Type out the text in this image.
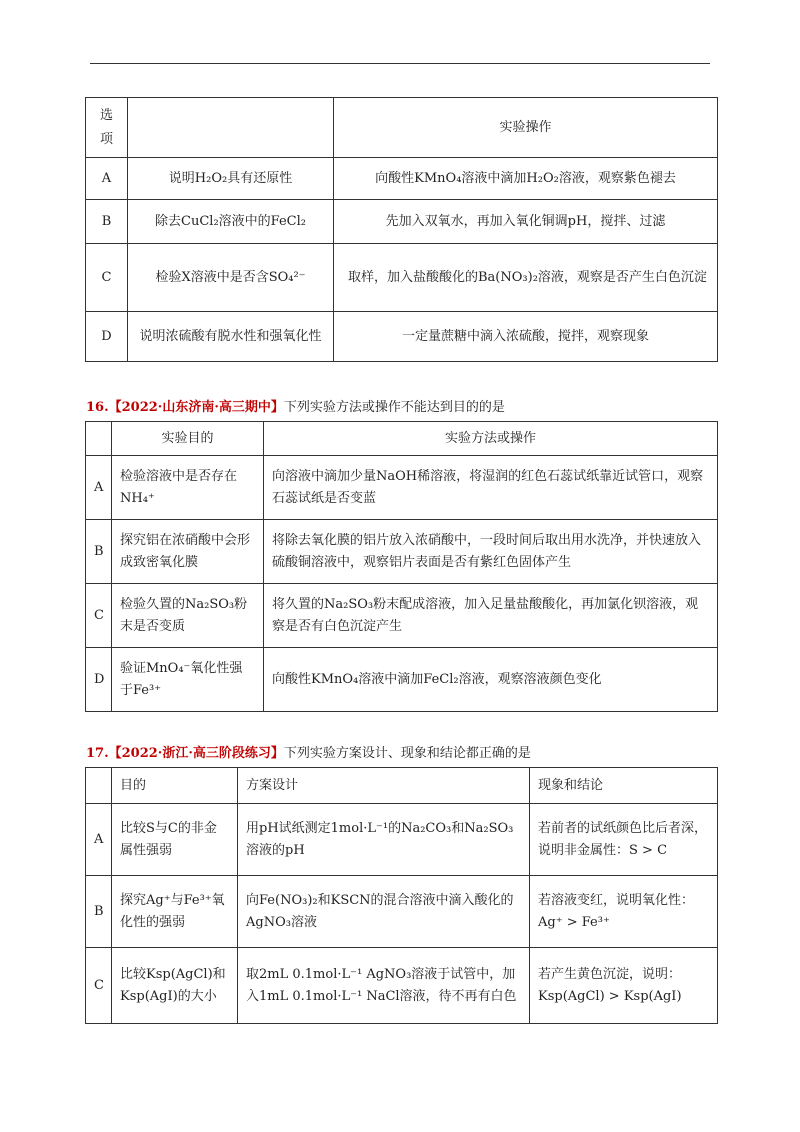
选项		实验操作
A	说明H₂O₂具有还原性	向酸性KMnO₄溶液中滴加H₂O₂溶液，观察紫色褪去
B	除去CuCl₂溶液中的FeCl₂	先加入双氧水，再加入氧化铜调pH，搅拌、过滤
C	检验X溶液中是否含SO₄²⁻	取样，加入盐酸酸化的Ba(NO₃)₂溶液，观察是否产生白色沉淀
D	说明浓硫酸有脱水性和强氧化性	一定量蔗糖中滴入浓硫酸，搅拌，观察现象
16.【2022·山东济南·高三期中】下列实验方法或操作不能达到目的的是
	实验目的	实验方法或操作
A	检验溶液中是否存在NH₄⁺	向溶液中滴加少量NaOH稀溶液，将湿润的红色石蕊试纸靠近试管口，观察石蕊试纸是否变蓝
B	探究铝在浓硝酸中会形成致密氧化膜	将除去氧化膜的铝片放入浓硝酸中，一段时间后取出用水洗净，并快速放入硫酸铜溶液中，观察铝片表面是否有紫红色固体产生
C	检验久置的Na₂SO₃粉末是否变质	将久置的Na₂SO₃粉末配成溶液，加入足量盐酸酸化，再加氯化钡溶液，观察是否有白色沉淀产生
D	验证MnO₄⁻氧化性强于Fe³⁺	向酸性KMnO₄溶液中滴加FeCl₂溶液，观察溶液颜色变化
17.【2022·浙江·高三阶段练习】下列实验方案设计、现象和结论都正确的是
	目的	方案设计	现象和结论
A	比较S与C的非金属性强弱	用pH试纸测定1mol·L⁻¹的Na₂CO₃和Na₂SO₃溶液的pH	若前者的试纸颜色比后者深，说明非金属性：S > C
B	探究Ag⁺与Fe³⁺氧化性的强弱	向Fe(NO₃)₂和KSCN的混合溶液中滴入酸化的AgNO₃溶液	若溶液变红，说明氧化性：Ag⁺ > Fe³⁺
C	比较Ksp(AgCl)和Ksp(AgI)的大小	取2mL 0.1mol·L⁻¹ AgNO₃溶液于试管中，加入1mL 0.1mol·L⁻¹ NaCl溶液，待不再有白色	若产生黄色沉淀，说明：Ksp(AgCl) > Ksp(AgI)
